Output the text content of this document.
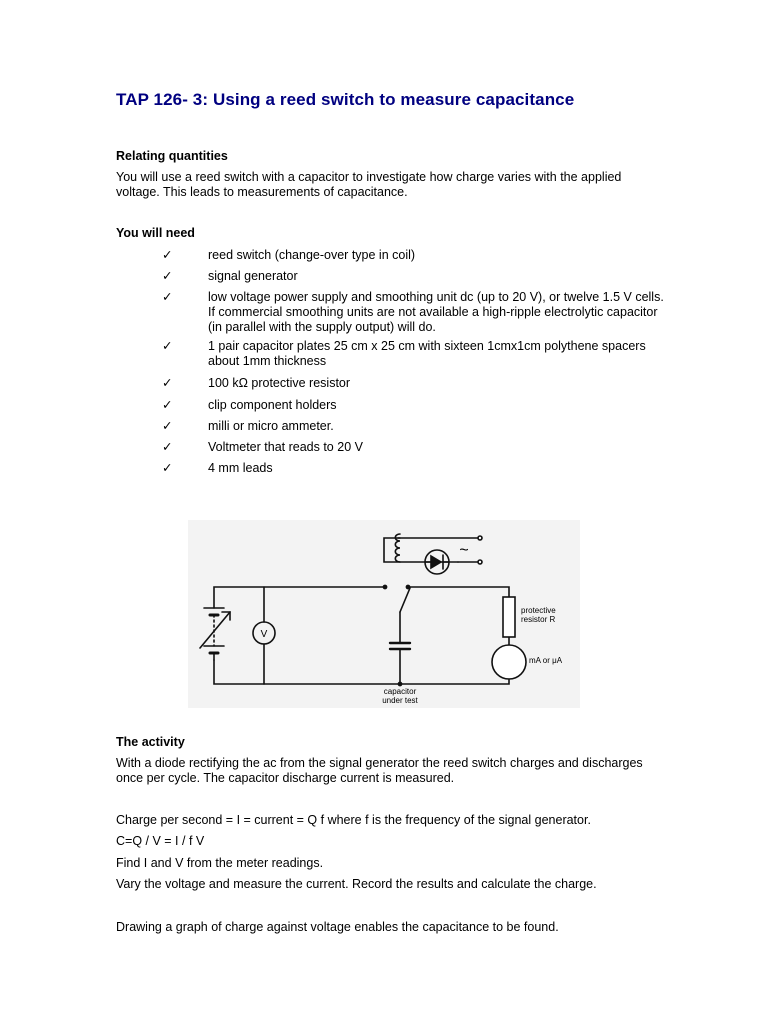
TAP 126- 3: Using a reed switch to measure capacitance
Relating quantities

You will use a reed switch with a capacitor to investigate how charge varies with the applied voltage. This leads to measurements of capacitance.

You will need
✓	reed switch (change-over type in coil)
✓	signal generator
✓	low voltage power supply and smoothing unit dc (up to 20 V), or twelve 1.5 V cells. If commercial smoothing units are not available a high-ripple electrolytic capacitor (in parallel with the supply output) will do.
✓	1 pair capacitor plates 25 cm x 25 cm with sixteen 1cmx1cm polythene spacers about 1mm thickness
✓	100 kΩ protective resistor
✓	clip component holders
✓	milli or micro ammeter.
✓	Voltmeter that reads to 20 V
✓	4 mm leads
V
~
protective
resistor R
mA or μA
capacitor
under test
The activity

With a diode rectifying the ac from the signal generator the reed switch charges and discharges once per cycle. The capacitor discharge current is measured.

Charge per second = I = current = Q f where f is the frequency of the signal generator.

C=Q / V = I / f V

Find I and V from the meter readings.

Vary the voltage and measure the current. Record the results and calculate the charge.

Drawing a graph of charge against voltage enables the capacitance to be found.
